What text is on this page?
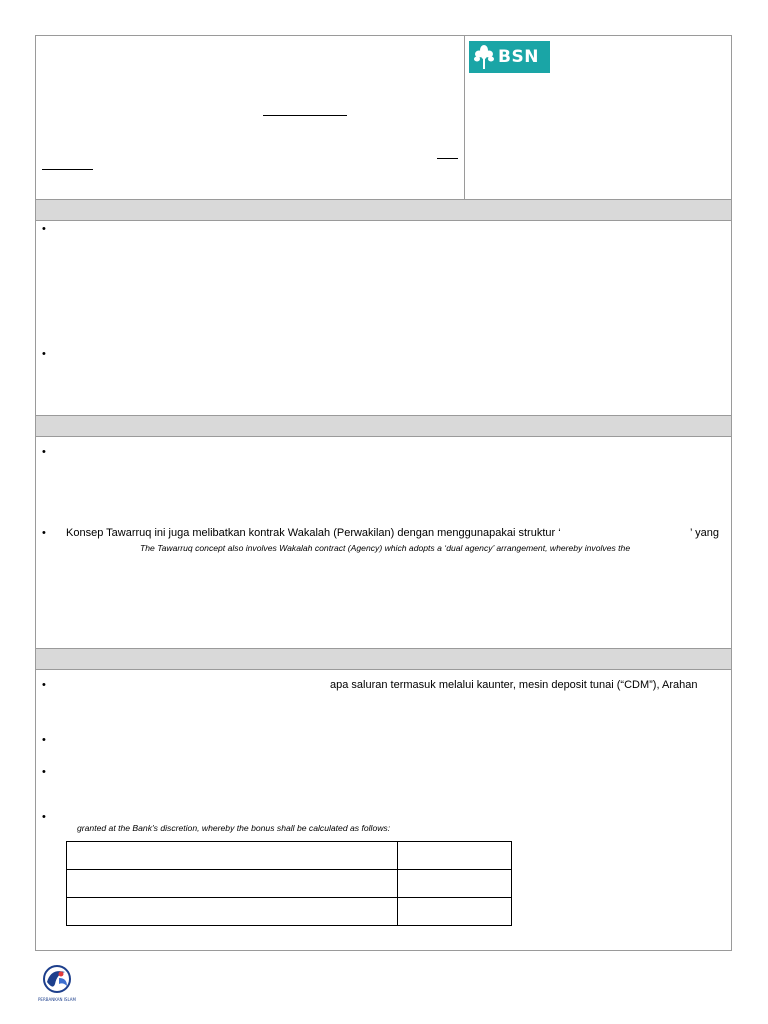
BSN
•
•
•
• Konsep Tawarruq ini juga melibatkan kontrak Wakalah (Perwakilan) dengan menggunapakai struktur ‘	’ yang
The Tawarruq concept also involves Wakalah contract (Agency) which adopts a ‘dual agency’ arrangement, whereby involves the
•	apa saluran termasuk melalui kaunter, mesin deposit tunai (“CDM”), Arahan
•
•
•
granted at the Bank's discretion, whereby the bonus shall be calculated as follows:

PERBANKAN ISLAM
